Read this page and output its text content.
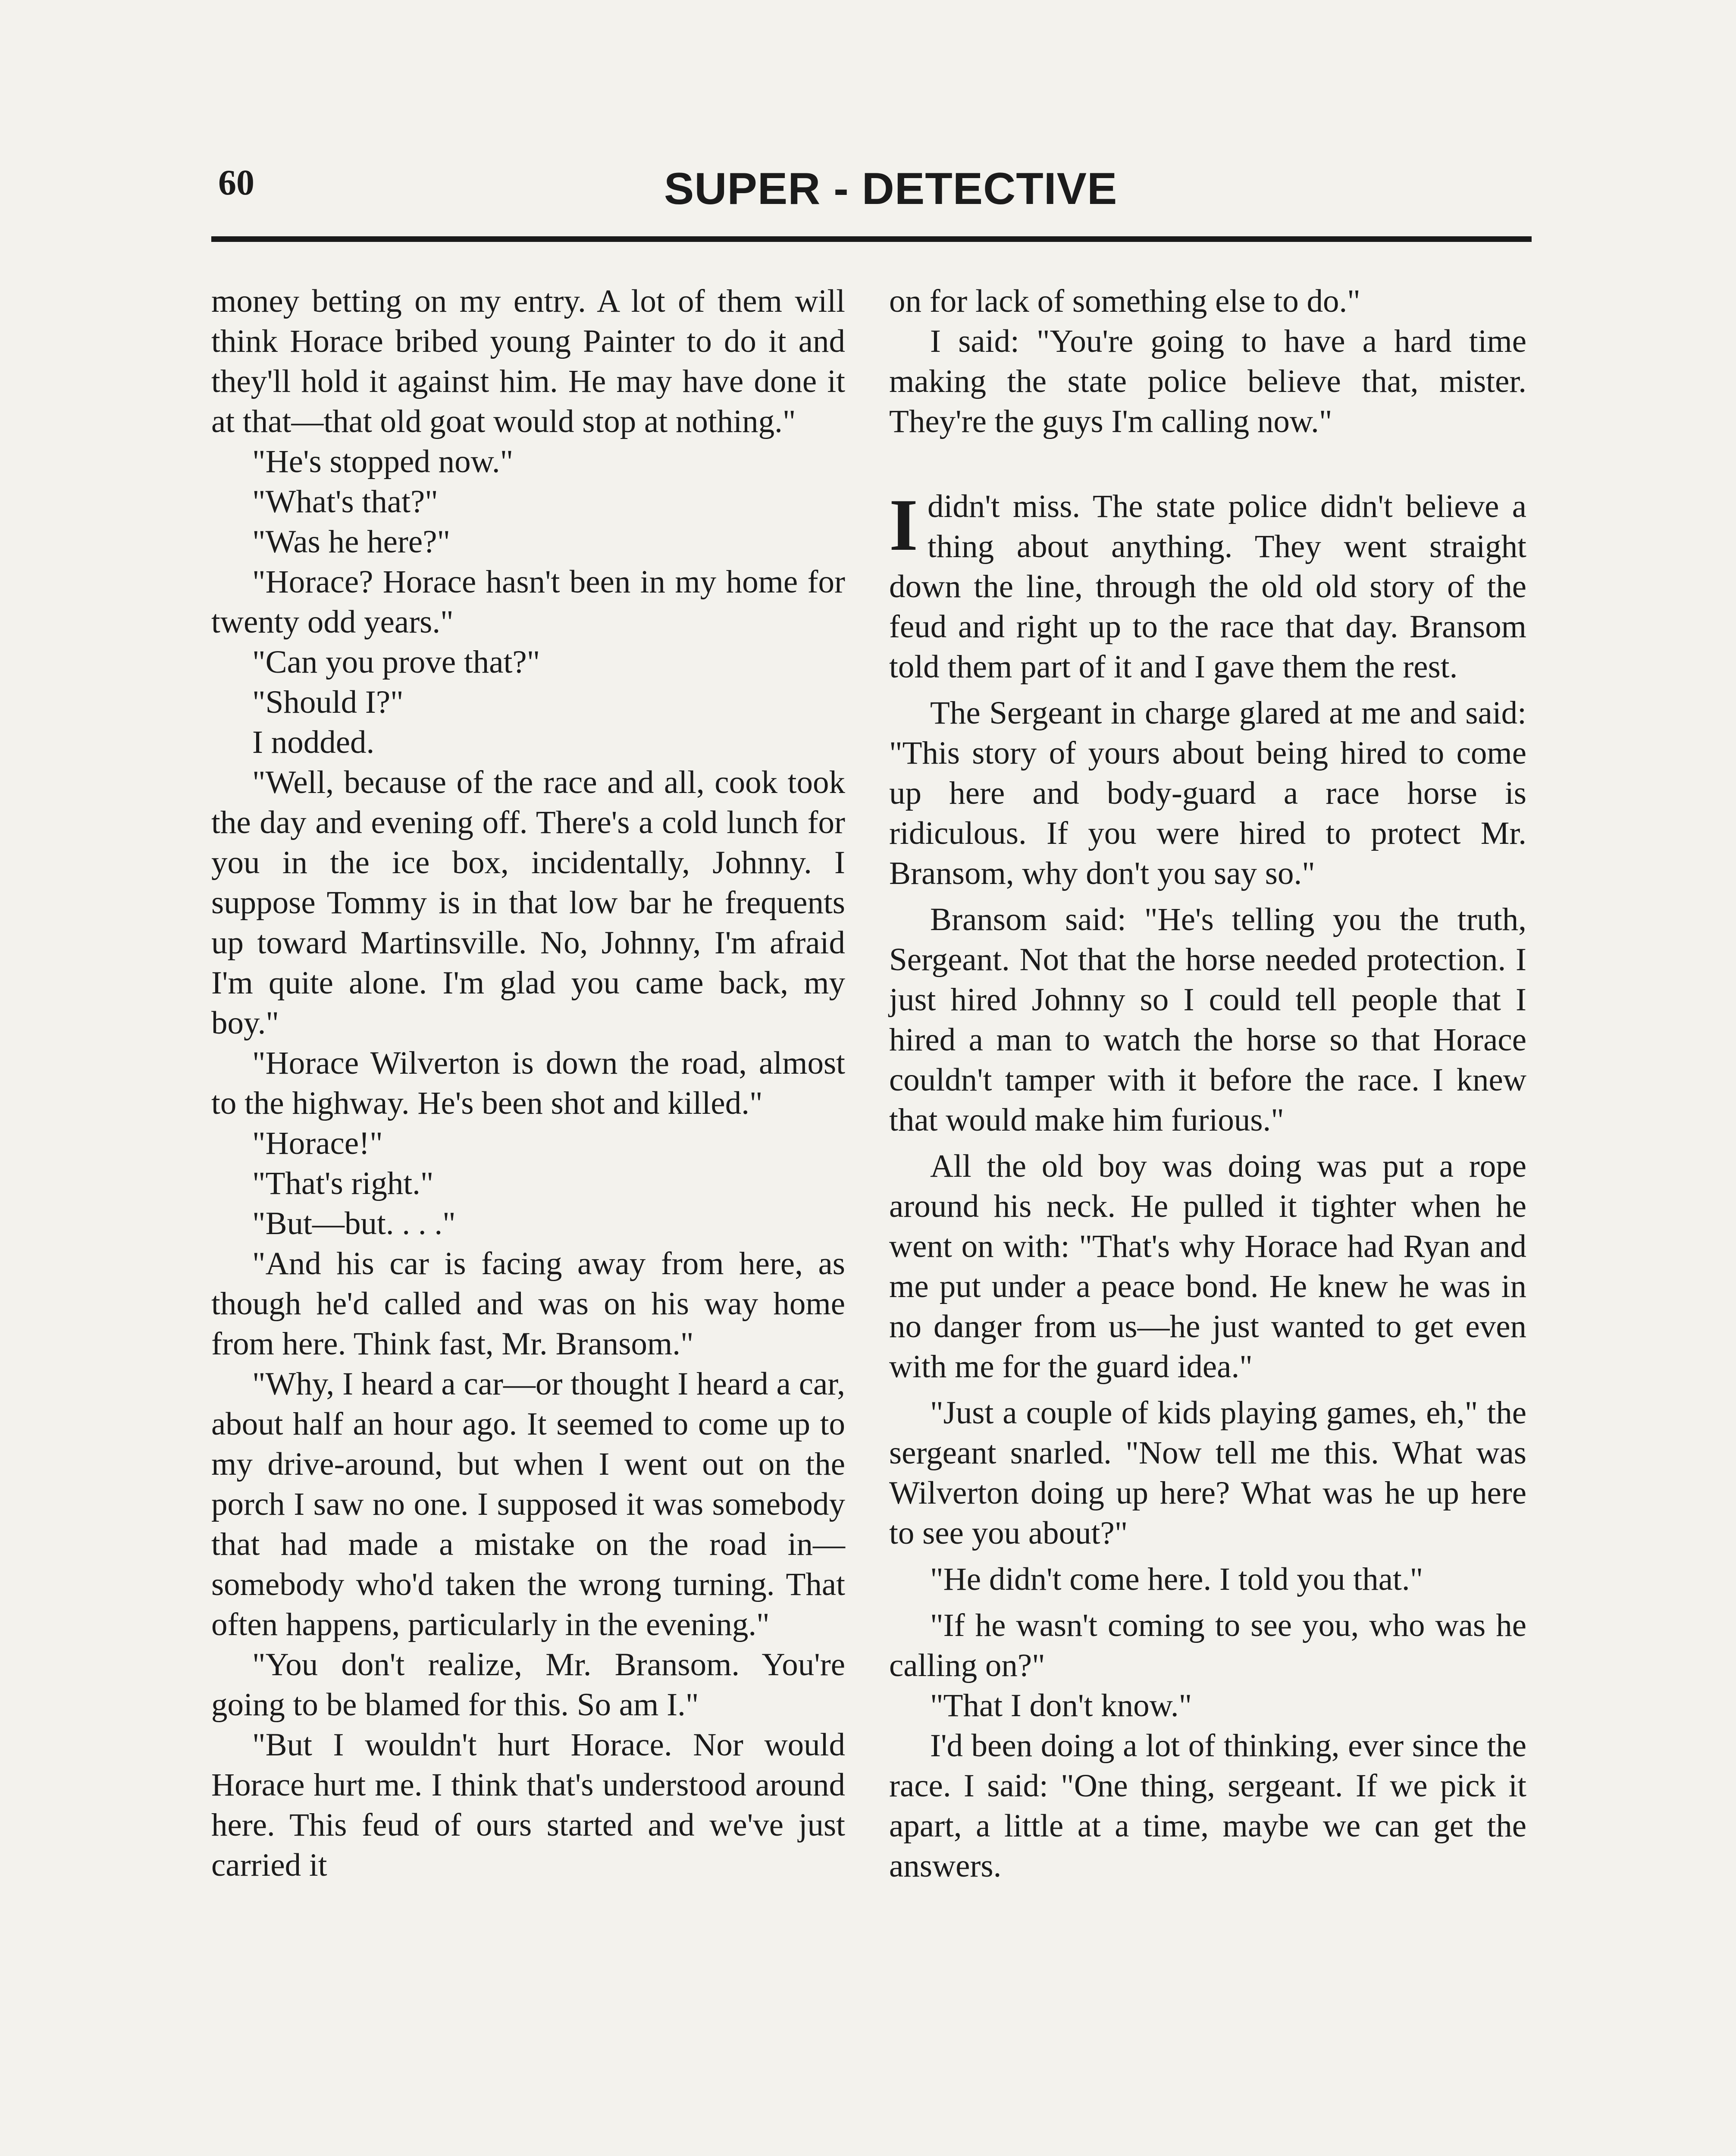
60	SUPER - DETECTIVE

money betting on my entry. A lot of them will think Horace bribed young Painter to do it and they'll hold it against him. He may have done it at that—that old goat would stop at nothing."

"He's stopped now."

"What's that?"

"Was he here?"

"Horace? Horace hasn't been in my home for twenty odd years."

"Can you prove that?"

"Should I?"

I nodded.

"Well, because of the race and all, cook took the day and evening off. There's a cold lunch for you in the ice box, incidentally, Johnny. I suppose Tommy is in that low bar he frequents up toward Martinsville. No, Johnny, I'm afraid I'm quite alone. I'm glad you came back, my boy."

"Horace Wilverton is down the road, almost to the highway. He's been shot and killed."

"Horace!"

"That's right."

"But—but. . . ."

"And his car is facing away from here, as though he'd called and was on his way home from here. Think fast, Mr. Bransom."

"Why, I heard a car—or thought I heard a car, about half an hour ago. It seemed to come up to my drive-around, but when I went out on the porch I saw no one. I supposed it was somebody that had made a mistake on the road in—somebody who'd taken the wrong turning. That often happens, particularly in the evening."

"You don't realize, Mr. Bransom. You're going to be blamed for this. So am I."

"But I wouldn't hurt Horace. Nor would Horace hurt me. I think that's understood around here. This feud of ours started and we've just carried it

on for lack of something else to do."

I said: "You're going to have a hard time making the state police believe that, mister. They're the guys I'm calling now."

Ididn't miss. The state police didn't believe a thing about anything. They went straight down the line, through the old old story of the feud and right up to the race that day. Bransom told them part of it and I gave them the rest.

The Sergeant in charge glared at me and said: "This story of yours about being hired to come up here and body-guard a race horse is ridiculous. If you were hired to protect Mr. Bransom, why don't you say so."

Bransom said: "He's telling you the truth, Sergeant. Not that the horse needed protection. I just hired Johnny so I could tell people that I hired a man to watch the horse so that Horace couldn't tamper with it before the race. I knew that would make him furious."

All the old boy was doing was put a rope around his neck. He pulled it tighter when he went on with: "That's why Horace had Ryan and me put under a peace bond. He knew he was in no danger from us—he just wanted to get even with me for the guard idea."

"Just a couple of kids playing games, eh," the sergeant snarled. "Now tell me this. What was Wilverton doing up here? What was he up here to see you about?"

"He didn't come here. I told you that."

"If he wasn't coming to see you, who was he calling on?"

"That I don't know."

I'd been doing a lot of thinking, ever since the race. I said: "One thing, sergeant. If we pick it apart, a little at a time, maybe we can get the answers.
